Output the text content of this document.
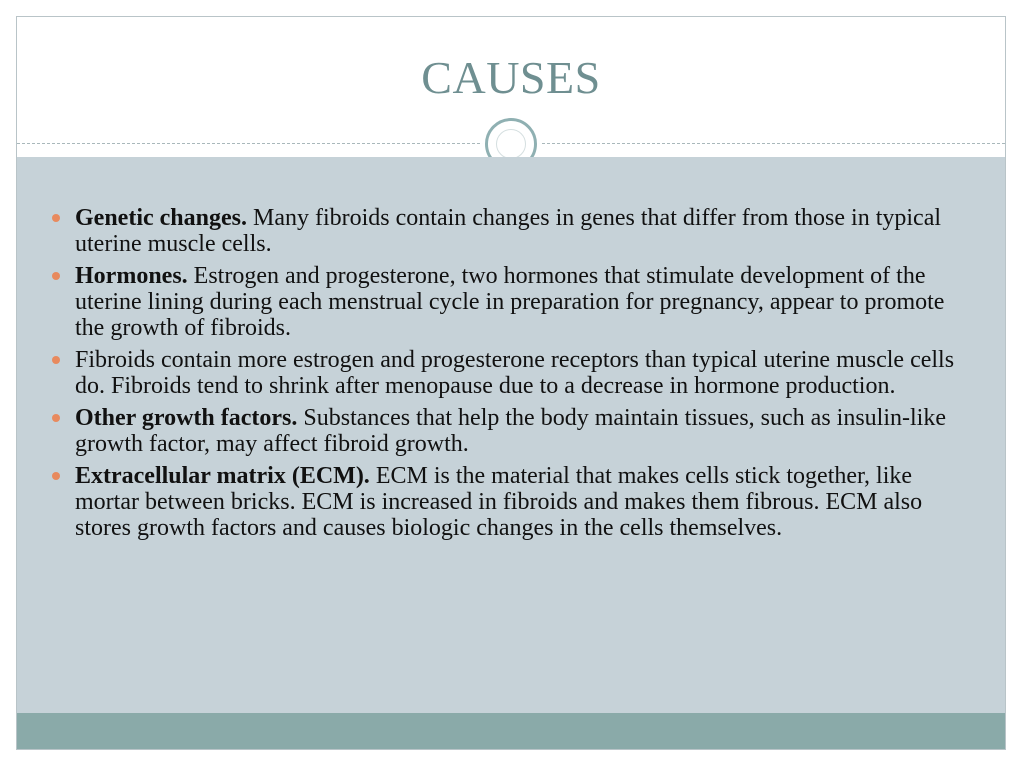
CAUSES
Genetic changes. Many fibroids contain changes in genes that differ from those in typical uterine muscle cells.
Hormones. Estrogen and progesterone, two hormones that stimulate development of the uterine lining during each menstrual cycle in preparation for pregnancy, appear to promote the growth of fibroids.
Fibroids contain more estrogen and progesterone receptors than typical uterine muscle cells do. Fibroids tend to shrink after menopause due to a decrease in hormone production.
Other growth factors. Substances that help the body maintain tissues, such as insulin-like growth factor, may affect fibroid growth.
Extracellular matrix (ECM). ECM is the material that makes cells stick together, like mortar between bricks. ECM is increased in fibroids and makes them fibrous. ECM also stores growth factors and causes biologic changes in the cells themselves.
